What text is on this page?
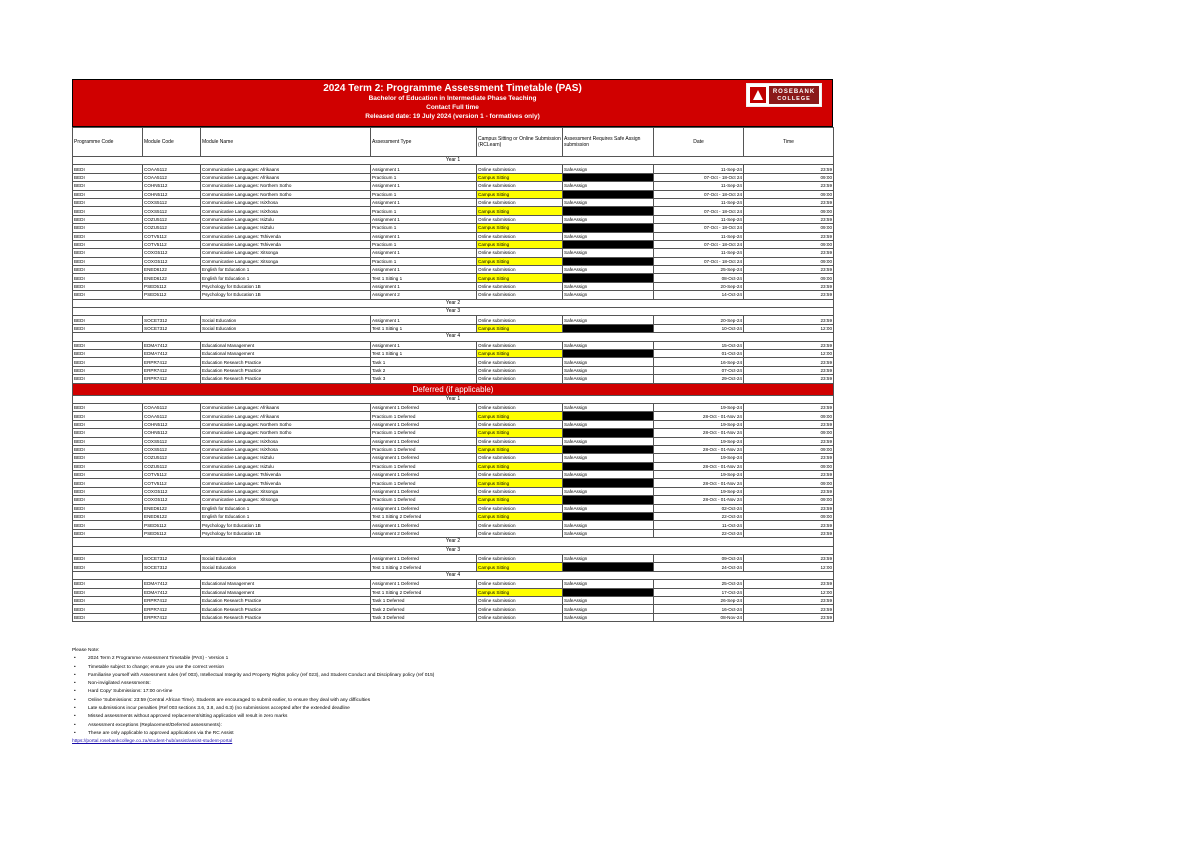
2024 Term 2: Programme Assessment Timetable (PAS)
Bachelor of Education in Intermediate Phase Teaching
Contact Full time
Released date: 19 July 2024 (version 1 - formatives only)
ROSEBANK
COLLEGE
Programme Code	Module Code	Module Name	Assessment Type	Campus Sitting or Online Submission (RCLearn)	Assessment Requires Safe Assign submission	Date	Time
Year 1							
BEDI	COAA5112	Communicative Languages: Afrikaans	Assignment 1	Online submission	SafeAssign	11-Sep-24	23:59
BEDI	COAA5112	Communicative Languages: Afrikaans	Practicum 1	Campus Sitting		07-Oct - 18-Oct 24	09:00
BEDI	COHN5112	Communicative Languages: Northern Sotho	Assignment 1	Online submission	SafeAssign	11-Sep-24	23:59
BEDI	COHN5112	Communicative Languages: Northern Sotho	Practicum 1	Campus Sitting		07-Oct - 18-Oct 24	09:00
BEDI	COXS5112	Communicative Languages: IsiXhosa	Assignment 1	Online submission	SafeAssign	11-Sep-24	23:59
BEDI	COXS5112	Communicative Languages: IsiXhosa	Practicum 1	Campus Sitting		07-Oct - 18-Oct 24	09:00
BEDI	COZU5112	Communicative Languages: IsiZulu	Assignment 1	Online submission	SafeAssign	11-Sep-24	23:59
BEDI	COZU5112	Communicative Languages: IsiZulu	Practicum 1	Campus Sitting		07-Oct - 18-Oct 24	09:00
BEDI	COTV5112	Communicative Languages: Tshivenda	Assignment 1	Online submission	SafeAssign	11-Sep-24	23:59
BEDI	COTV5112	Communicative Languages: Tshivenda	Practicum 1	Campus Sitting		07-Oct - 18-Oct 24	09:00
BEDI	COXG5112	Communicative Languages: Xitsonga	Assignment 1	Online submission	SafeAssign	11-Sep-24	23:59
BEDI	COXG5112	Communicative Languages: Xitsonga	Practicum 1	Campus Sitting		07-Oct - 18-Oct 24	09:00
BEDI	ENED6122	English for Education 1	Assignment 1	Online submission	SafeAssign	25-Sep-24	23:59
BEDI	ENED6122	English for Education 1	Test 1 Sitting 1	Campus Sitting		08-Oct-24	09:00
BEDI	PSED5112	Psychology for Education 1B	Assignment 1	Online submission	SafeAssign	20-Sep-24	23:59
BEDI	PSED5112	Psychology for Education 1B	Assignment 2	Online submission	SafeAssign	14-Oct-24	23:59
Year 2							
Year 3							
BEDI	SOCE7312	Social Education	Assignment 1	Online submission	SafeAssign	20-Sep-24	23:59
BEDI	SOCE7312	Social Education	Test 1 Sitting 1	Campus Sitting		10-Oct-24	12:00
Year 4							
BEDI	EDMA7412	Educational Management	Assignment 1	Online submission	SafeAssign	15-Oct-24	23:59
BEDI	EDMA7412	Educational Management	Test 1 Sitting 1	Campus Sitting		01-Oct-24	12:00
BEDI	ERPR7412	Education Research Practice	Task 1	Online submission	SafeAssign	16-Sep-24	23:59
BEDI	ERPR7412	Education Research Practice	Task 2	Online submission	SafeAssign	07-Oct-24	23:59
BEDI	ERPR7412	Education Research Practice	Task 3	Online submission	SafeAssign	29-Oct-24	23:59
Deferred (if applicable)							
Year 1							
BEDI	COAA5112	Communicative Languages: Afrikaans	Assignment 1 Deferred	Online submission	SafeAssign	19-Sep-24	23:59
BEDI	COAA5112	Communicative Languages: Afrikaans	Practicum 1 Deferred	Campus Sitting		28-Oct - 01-Nov 24	09:00
BEDI	COHN5112	Communicative Languages: Northern Sotho	Assignment 1 Deferred	Online submission	SafeAssign	19-Sep-24	23:59
BEDI	COHN5112	Communicative Languages: Northern Sotho	Practicum 1 Deferred	Campus Sitting		28-Oct - 01-Nov 24	09:00
BEDI	COXS5112	Communicative Languages: IsiXhosa	Assignment 1 Deferred	Online submission	SafeAssign	19-Sep-24	23:59
BEDI	COXS5112	Communicative Languages: IsiXhosa	Practicum 1 Deferred	Campus Sitting		28-Oct - 01-Nov 24	09:00
BEDI	COZU5112	Communicative Languages: IsiZulu	Assignment 1 Deferred	Online submission	SafeAssign	19-Sep-24	23:59
BEDI	COZU5112	Communicative Languages: IsiZulu	Practicum 1 Deferred	Campus Sitting		28-Oct - 01-Nov 24	09:00
BEDI	COTV5112	Communicative Languages: Tshivenda	Assignment 1 Deferred	Online submission	SafeAssign	19-Sep-24	23:59
BEDI	COTV5112	Communicative Languages: Tshivenda	Practicum 1 Deferred	Campus Sitting		28-Oct - 01-Nov 24	09:00
BEDI	COXG5112	Communicative Languages: Xitsonga	Assignment 1 Deferred	Online submission	SafeAssign	19-Sep-24	23:59
BEDI	COXG5112	Communicative Languages: Xitsonga	Practicum 1 Deferred	Campus Sitting		28-Oct - 01-Nov 24	09:00
BEDI	ENED6122	English for Education 1	Assignment 1 Deferred	Online submission	SafeAssign	02-Oct-24	23:59
BEDI	ENED6122	English for Education 1	Test 1 Sitting 2 Deferred	Campus Sitting		22-Oct-24	09:00
BEDI	PSED5112	Psychology for Education 1B	Assignment 1 Deferred	Online submission	SafeAssign	11-Oct-24	23:59
BEDI	PSED5112	Psychology for Education 1B	Assignment 2 Deferred	Online submission	SafeAssign	22-Oct-24	23:59
Year 2							
Year 3							
BEDI	SOCE7312	Social Education	Assignment 1 Deferred	Online submission	SafeAssign	09-Oct-24	23:59
BEDI	SOCE7312	Social Education	Test 1 Sitting 2 Deferred	Campus Sitting		24-Oct-24	12:00
Year 4							
BEDI	EDMA7412	Educational Management	Assignment 1 Deferred	Online submission	SafeAssign	25-Oct-24	23:59
BEDI	EDMA7412	Educational Management	Test 1 Sitting 2 Deferred	Campus Sitting		17-Oct-24	12:00
BEDI	ERPR7412	Education Research Practice	Task 1 Deferred	Online submission	SafeAssign	26-Sep-24	23:59
BEDI	ERPR7412	Education Research Practice	Task 2 Deferred	Online submission	SafeAssign	16-Oct-24	23:59
BEDI	ERPR7412	Education Research Practice	Task 3 Deferred	Online submission	SafeAssign	08-Nov-24	23:59
Please Note:
• 2024 Term 2 Programme Assessment Timetable (PAS) - Version 1
• Timetable subject to change; ensure you use the correct version
• Familiarise yourself with Assessment rules (ref 003), Intellectual Integrity and Property Rights policy (ref 023), and Student Conduct and Disciplinary policy (ref 015)
• Non-invigilated Assessments:
• Hard Copy' Submissions: 17:00 on-time
• Online 'Submissions: 23:59 (Central African Time). Students are encouraged to submit earlier, to ensure they deal with any difficulties
• Late submissions incur penalties (Ref 003 sections 3.6, 3.8, and 6.3) (no submissions accepted after the extended deadline
• Missed assessments without approved replacement/sitting application will result in zero marks
• Assessment exceptions (Replacement/Deferred assessments):
• These are only applicable to approved applications via the RC Assist
https://portal.rosebankcollege.co.za/student-hub/assist/assist-student-portal
